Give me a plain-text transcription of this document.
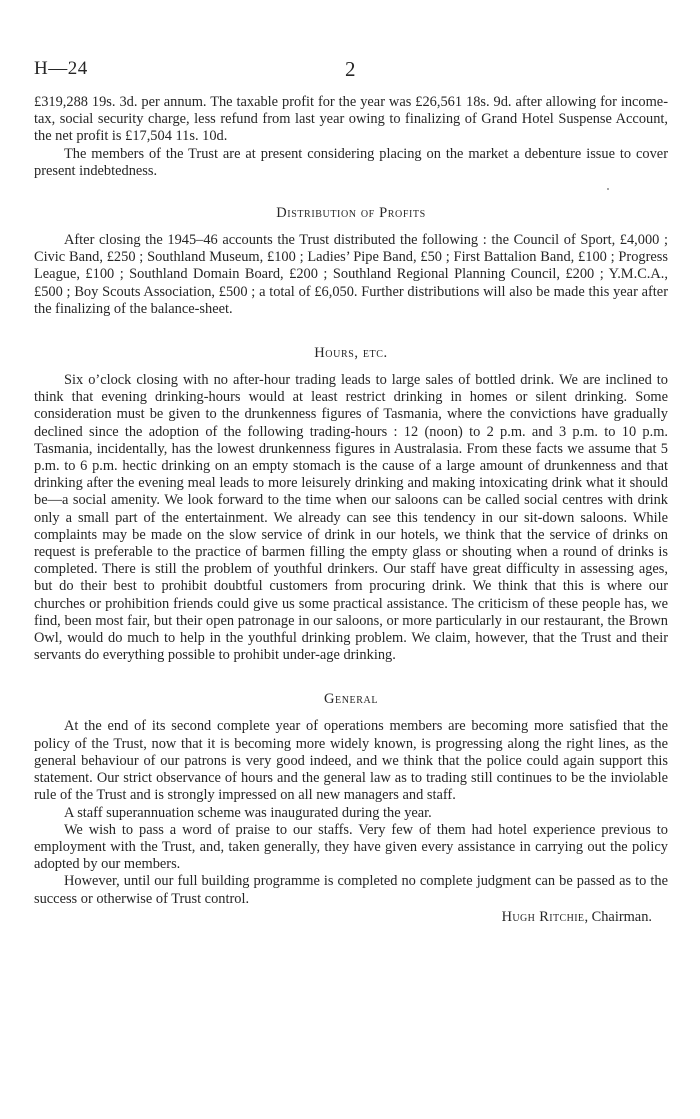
H—24	2

£319,288 19s. 3d. per annum. The taxable profit for the year was £26,561 18s. 9d. after allowing for income-tax, social security charge, less refund from last year owing to finalizing of Grand Hotel Suspense Account, the net profit is £17,504 11s. 10d.

The members of the Trust are at present considering placing on the market a debenture issue to cover present indebtedness.

Distribution of Profits

After closing the 1945–46 accounts the Trust distributed the following : the Council of Sport, £4,000 ; Civic Band, £250 ; Southland Museum, £100 ; Ladies’ Pipe Band, £50 ; First Battalion Band, £100 ; Progress League, £100 ; Southland Domain Board, £200 ; Southland Regional Planning Council, £200 ; Y.M.C.A., £500 ; Boy Scouts Association, £500 ; a total of £6,050. Further distributions will also be made this year after the finalizing of the balance-sheet.

Hours, etc.

Six o’clock closing with no after-hour trading leads to large sales of bottled drink. We are inclined to think that evening drinking-hours would at least restrict drinking in homes or silent drinking. Some consideration must be given to the drunkenness figures of Tasmania, where the convictions have gradually declined since the adoption of the following trading-hours : 12 (noon) to 2 p.m. and 3 p.m. to 10 p.m. Tasmania, incidentally, has the lowest drunkenness figures in Australasia. From these facts we assume that 5 p.m. to 6 p.m. hectic drinking on an empty stomach is the cause of a large amount of drunkenness and that drinking after the evening meal leads to more leisurely drinking and making intoxicating drink what it should be—a social amenity. We look forward to the time when our saloons can be called social centres with drink only a small part of the entertainment. We already can see this tendency in our sit-down saloons. While complaints may be made on the slow service of drink in our hotels, we think that the service of drinks on request is preferable to the practice of barmen filling the empty glass or shouting when a round of drinks is completed. There is still the problem of youthful drinkers. Our staff have great difficulty in assessing ages, but do their best to prohibit doubtful customers from procuring drink. We think that this is where our churches or prohibition friends could give us some practical assistance. The criticism of these people has, we find, been most fair, but their open patronage in our saloons, or more particularly in our restaurant, the Brown Owl, would do much to help in the youthful drinking problem. We claim, however, that the Trust and their servants do everything possible to prohibit under-age drinking.

General

At the end of its second complete year of operations members are becoming more satisfied that the policy of the Trust, now that it is becoming more widely known, is progressing along the right lines, as the general behaviour of our patrons is very good indeed, and we think that the police could again support this statement. Our strict observance of hours and the general law as to trading still continues to be the inviolable rule of the Trust and is strongly impressed on all new managers and staff.

A staff superannuation scheme was inaugurated during the year.

We wish to pass a word of praise to our staffs. Very few of them had hotel experience previous to employment with the Trust, and, taken generally, they have given every assistance in carrying out the policy adopted by our members.

However, until our full building programme is completed no complete judgment can be passed as to the success or otherwise of Trust control.

Hugh Ritchie, Chairman.
